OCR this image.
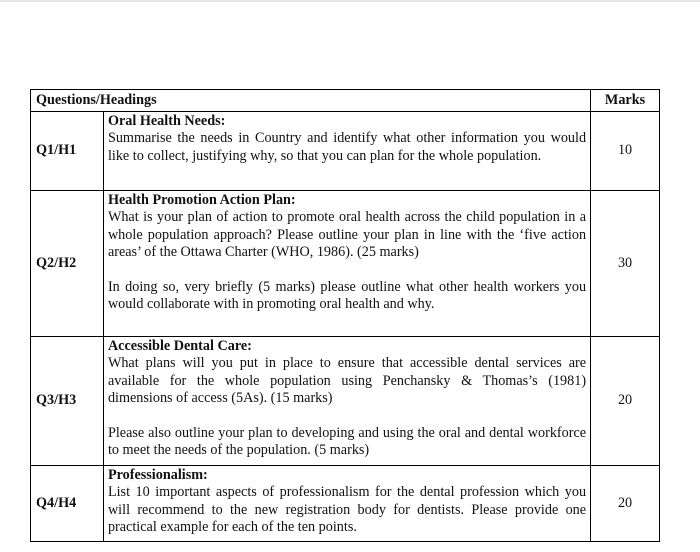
Questions/Headings		Marks
Q1/H1	Oral Health Needs:
Summarise the needs in Country and identify what other information you would like to collect, justifying why, so that you can plan for the whole population.	10
Q2/H2	Health Promotion Action Plan:
What is your plan of action to promote oral health across the child population in a whole population approach? Please outline your plan in line with the ‘five action areas’ of the Ottawa Charter (WHO, 1986). (25 marks)
In doing so, very briefly (5 marks) please outline what other health workers you would collaborate with in promoting oral health and why.	30
Q3/H3	Accessible Dental Care:
What plans will you put in place to ensure that accessible dental services are available for the whole population using Penchansky & Thomas’s (1981) dimensions of access (5As). (15 marks)
Please also outline your plan to developing and using the oral and dental workforce to meet the needs of the population. (5 marks)	20
Q4/H4	Professionalism:
List 10 important aspects of professionalism for the dental profession which you will recommend to the new registration body for dentists. Please provide one practical example for each of the ten points.	20
